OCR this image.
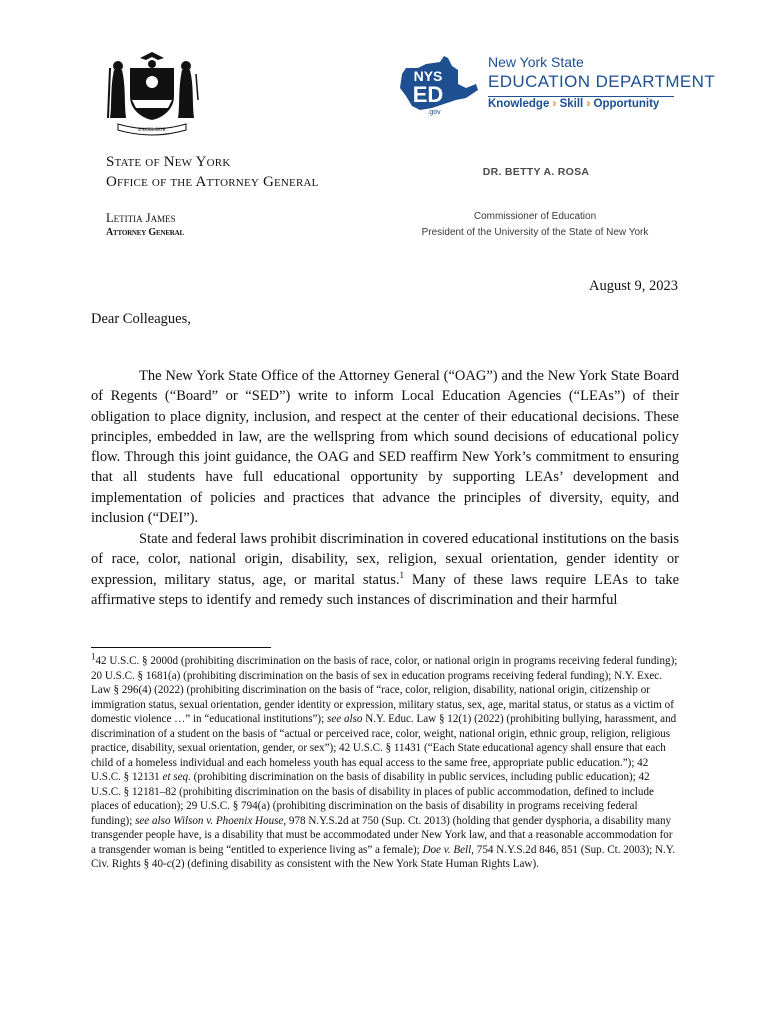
EXCELSIOR
State of New York
Office of the Attorney General
Letitia James
Attorney General
NYS
ED
.gov
New York State
EDUCATION DEPARTMENT
Knowledge › Skill › Opportunity
DR. BETTY A. ROSA
Commissioner of Education
President of the University of the State of New York
August 9, 2023
Dear Colleagues,

The New York State Office of the Attorney General (“OAG”) and the New York State Board of Regents (“Board” or “SED”) write to inform Local Education Agencies (“LEAs”) of their obligation to place dignity, inclusion, and respect at the center of their educational decisions. These principles, embedded in law, are the wellspring from which sound decisions of educational policy flow. Through this joint guidance, the OAG and SED reaffirm New York’s commitment to ensuring that all students have full educational opportunity by supporting LEAs’ development and implementation of policies and practices that advance the principles of diversity, equity, and inclusion (“DEI”).

State and federal laws prohibit discrimination in covered educational institutions on the basis of race, color, national origin, disability, sex, religion, sexual orientation, gender identity or expression, military status, age, or marital status.$^1$ Many of these laws require LEAs to take affirmative steps to identify and remedy such instances of discrimination and their harmful

$^1$42 U.S.C. § 2000d (prohibiting discrimination on the basis of race, color, or national origin in programs receiving federal funding); 20 U.S.C. § 1681(a) (prohibiting discrimination on the basis of sex in education programs receiving federal funding); N.Y. Exec. Law § 296(4) (2022) (prohibiting discrimination on the basis of “race, color, religion, disability, national origin, citizenship or immigration status, sexual orientation, gender identity or expression, military status, sex, age, marital status, or status as a victim of domestic violence …” in “educational institutions”); see also N.Y. Educ. Law § 12(1) (2022) (prohibiting bullying, harassment, and discrimination of a student on the basis of “actual or perceived race, color, weight, national origin, ethnic group, religion, religious practice, disability, sexual orientation, gender, or sex”); 42 U.S.C. § 11431 (“Each State educational agency shall ensure that each child of a homeless individual and each homeless youth has equal access to the same free, appropriate public education.”); 42 U.S.C. § 12131 et seq. (prohibiting discrimination on the basis of disability in public services, including public education); 42 U.S.C. § 12181–82 (prohibiting discrimination on the basis of disability in places of public accommodation, defined to include places of education); 29 U.S.C. § 794(a) (prohibiting discrimination on the basis of disability in programs receiving federal funding); see also Wilson v. Phoenix House, 978 N.Y.S.2d at 750 (Sup. Ct. 2013) (holding that gender dysphoria, a disability many transgender people have, is a disability that must be accommodated under New York law, and that a reasonable accommodation for a transgender woman is being “entitled to experience living as” a female); Doe v. Bell, 754 N.Y.S.2d 846, 851 (Sup. Ct. 2003); N.Y. Civ. Rights § 40-c(2) (defining disability as consistent with the New York State Human Rights Law).
